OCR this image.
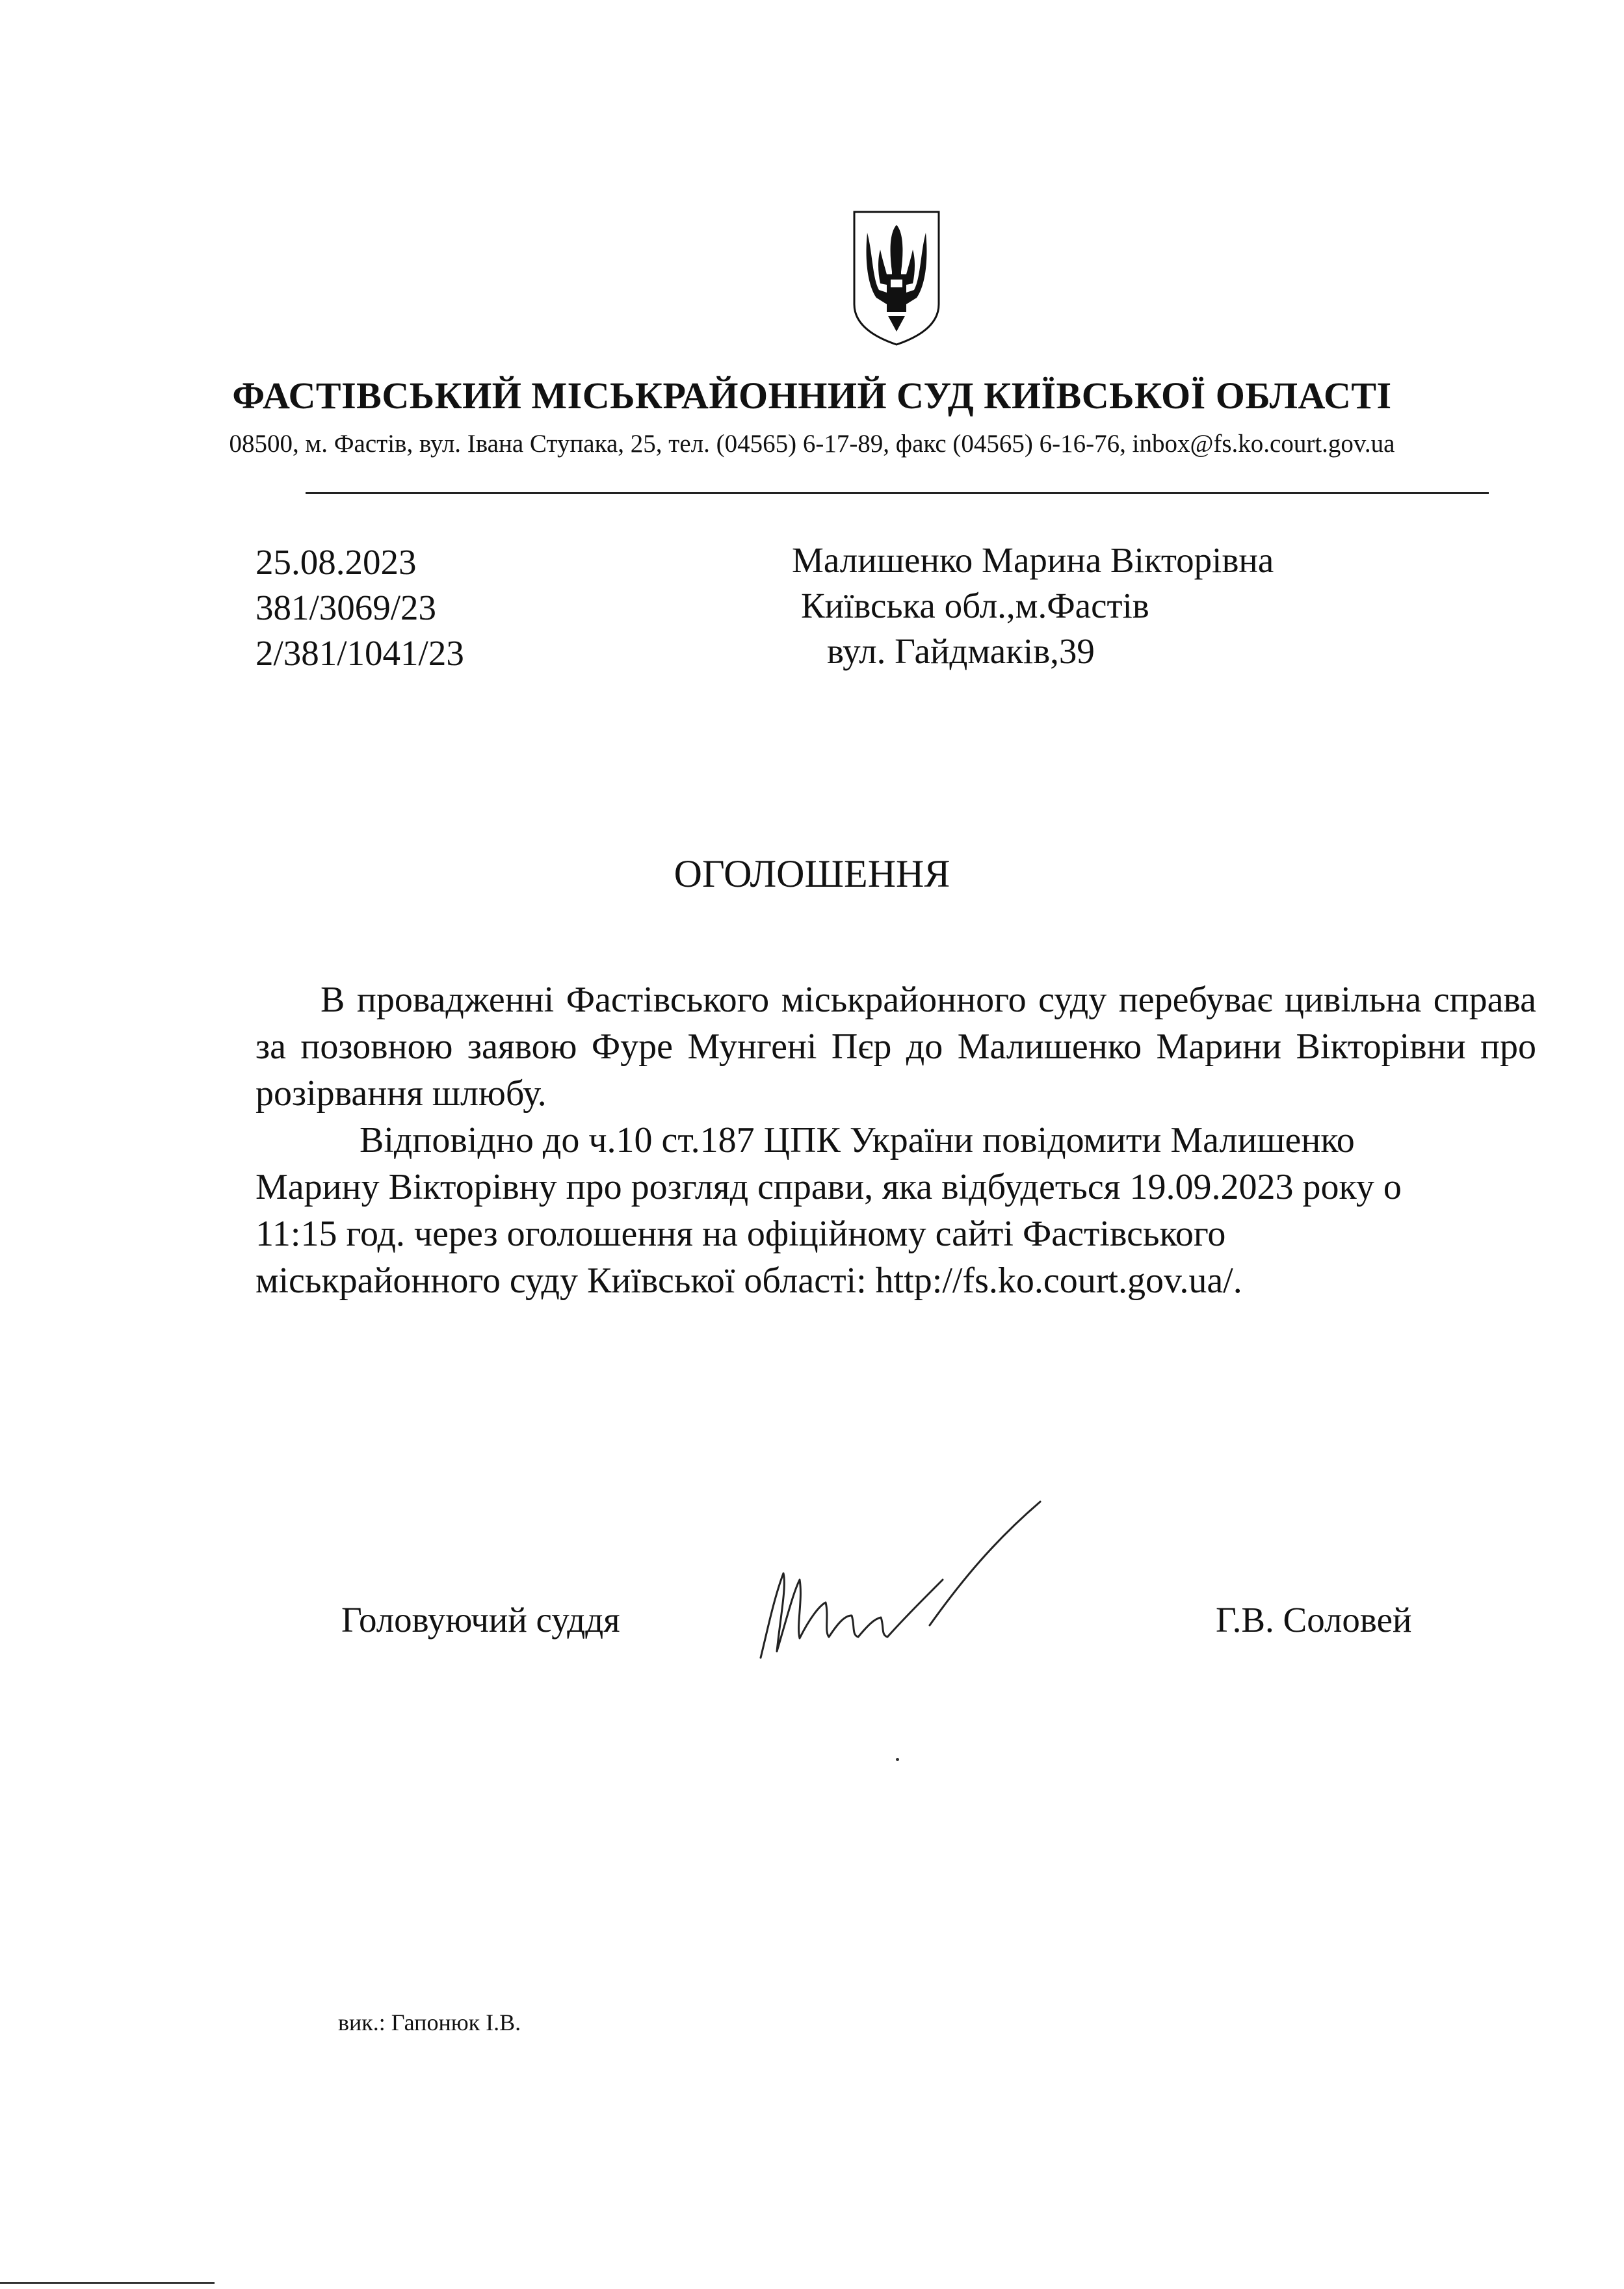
ФАСТІВСЬКИЙ МІСЬКРАЙОННИЙ СУД КИЇВСЬКОЇ ОБЛАСТІ
08500, м. Фастів, вул. Івана Ступака, 25, тел. (04565) 6-17-89, факс (04565) 6-16-76, inbox@fs.ko.court.gov.ua
25.08.2023
381/3069/23
2/381/1041/23
Малишенко Марина Вікторівна
Київська обл.,м.Фастів
вул. Гайдмаків,39
ОГОЛОШЕННЯ

В провадженні Фастівського міськрайонного суду перебуває цивільна справа за позовною заявою Фуре Мунгені Пєр до Малишенко Марини Вікторівни про розірвання шлюбу.

Відповідно до ч.10 ст.187 ЦПК України повідомити Малишенко
Марину Вікторівну про розгляд справи, яка відбудеться 19.09.2023 року о
11:15 год. через оголошення на офіційному сайті Фастівського
міськрайонного суду Київської області: http://fs.ko.court.gov.ua/.
Головуючий суддя	Г.В. Соловей
вик.: Гапонюк І.В.
